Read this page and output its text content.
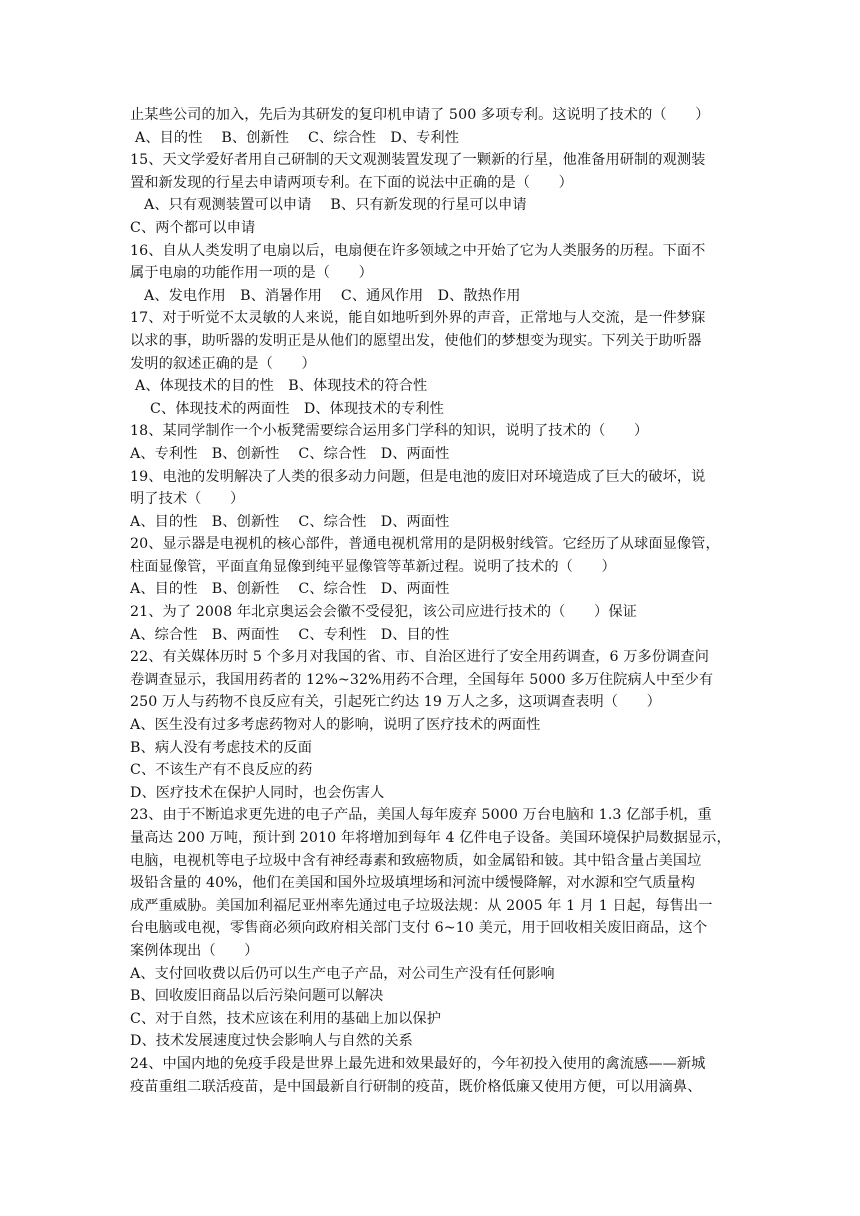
止某些公司的加入，先后为其研发的复印机申请了 500 多项专利。这说明了技术的（　　）
A、目的性　 B、创新性　 C、综合性　D、专利性
15、天文学爱好者用自己研制的天文观测装置发现了一颗新的行星，他准备用研制的观测装
置和新发现的行星去申请两项专利。在下面的说法中正确的是（　　）
A、只有观测装置可以申请　 B、只有新发现的行星可以申请
C、两个都可以申请
16、自从人类发明了电扇以后，电扇便在许多领域之中开始了它为人类服务的历程。下面不
属于电扇的功能作用一项的是（　　）
A、发电作用　B、消暑作用　 C、通风作用　D、散热作用
17、对于听觉不太灵敏的人来说，能自如地听到外界的声音，正常地与人交流，是一件梦寐
以求的事，助听器的发明正是从他们的愿望出发，使他们的梦想变为现实。下列关于助听器
发明的叙述正确的是（　　）
A、体现技术的目的性　B、体现技术的符合性
C、体现技术的两面性　D、体现技术的专利性
18、某同学制作一个小板凳需要综合运用多门学科的知识，说明了技术的（　　）
A、专利性　B、创新性　 C、综合性　D、两面性
19、电池的发明解决了人类的很多动力问题，但是电池的废旧对环境造成了巨大的破坏，说
明了技术（　　）
A、目的性　B、创新性　 C、综合性　D、两面性
20、显示器是电视机的核心部件，普通电视机常用的是阴极射线管。它经历了从球面显像管，
柱面显像管，平面直角显像到纯平显像管等革新过程。说明了技术的（　　）
A、目的性　B、创新性　 C、综合性　D、两面性
21、为了 2008 年北京奥运会会徽不受侵犯，该公司应进行技术的（　　）保证
A、综合性　B、两面性　 C、专利性　D、目的性
22、有关媒体历时 5 个多月对我国的省、市、自治区进行了安全用药调查，6 万多份调查问
卷调查显示，我国用药者的 12%~32%用药不合理，全国每年 5000 多万住院病人中至少有
250 万人与药物不良反应有关，引起死亡约达 19 万人之多，这项调查表明（　　）
A、医生没有过多考虑药物对人的影响，说明了医疗技术的两面性
B、病人没有考虑技术的反面
C、不该生产有不良反应的药
D、医疗技术在保护人同时，也会伤害人
23、由于不断追求更先进的电子产品，美国人每年废弃 5000 万台电脑和 1.3 亿部手机，重
量高达 200 万吨，预计到 2010 年将增加到每年 4 亿件电子设备。美国环境保护局数据显示，
电脑，电视机等电子垃圾中含有神经毒素和致癌物质，如金属铅和铍。其中铅含量占美国垃
圾铅含量的 40%，他们在美国和国外垃圾填埋场和河流中缓慢降解，对水源和空气质量构
成严重威胁。美国加利福尼亚州率先通过电子垃圾法规：从 2005 年 1 月 1 日起，每售出一
台电脑或电视，零售商必须向政府相关部门支付 6~10 美元，用于回收相关废旧商品，这个
案例体现出（　　）
A、支付回收费以后仍可以生产电子产品，对公司生产没有任何影响
B、回收废旧商品以后污染问题可以解决
C、对于自然，技术应该在利用的基础上加以保护
D、技术发展速度过快会影响人与自然的关系
24、中国内地的免疫手段是世界上最先进和效果最好的，今年初投入使用的禽流感——新城
疫苗重组二联活疫苗，是中国最新自行研制的疫苗，既价格低廉又使用方便，可以用滴鼻、
